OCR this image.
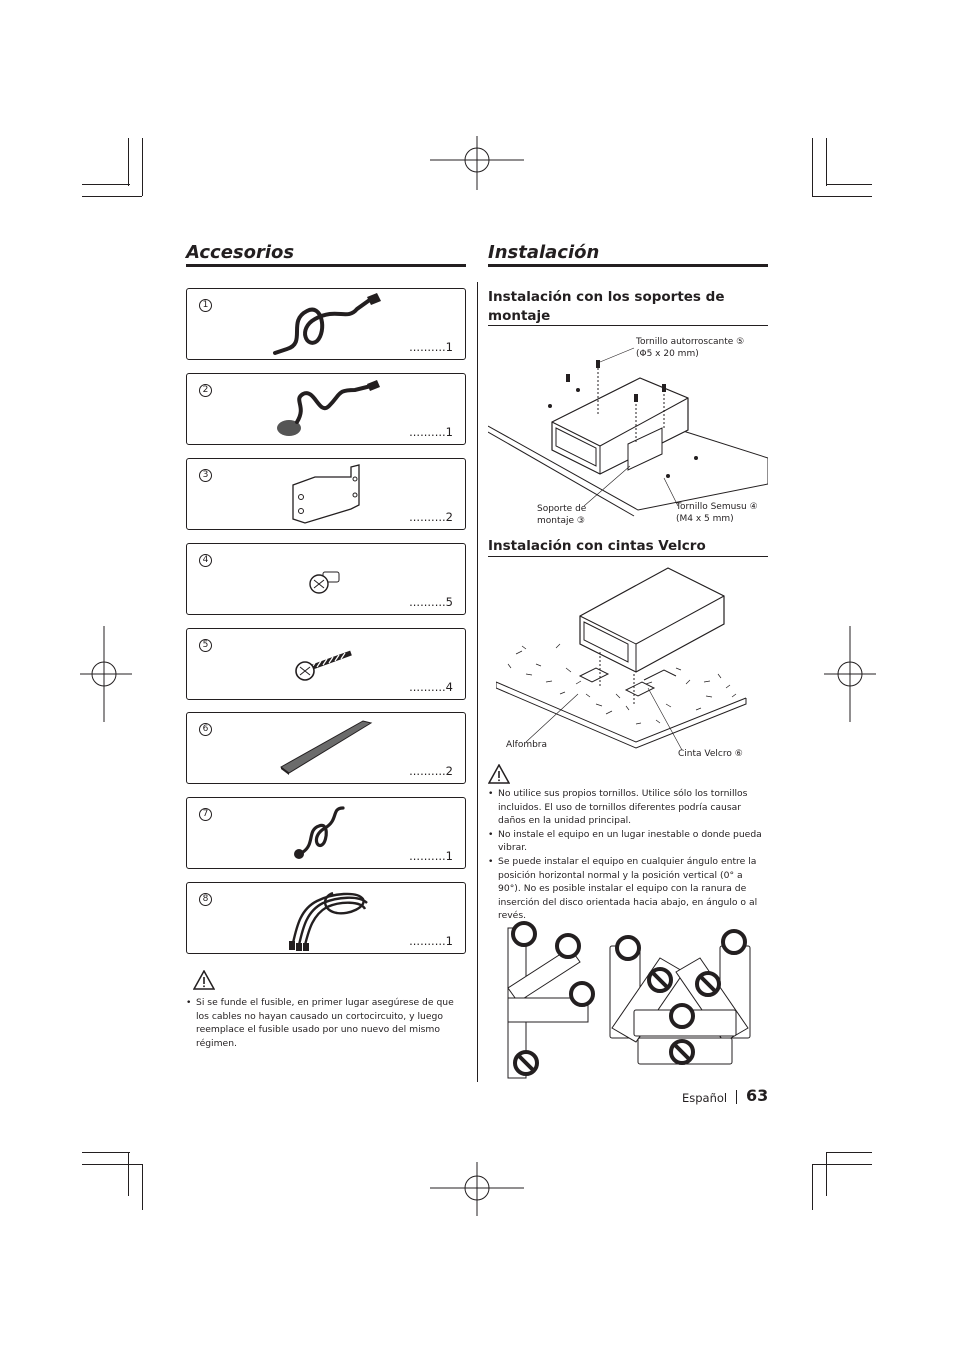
Accesorios
1
..........1
2
..........1
3
..........2
4
..........5
5
..........4
6
..........2
7
..........1
8
..........1
• Si se funde el fusible, en primer lugar asegúrese de que los cables no hayan causado un cortocircuito, y luego reemplace el fusible usado por uno nuevo del mismo régimen.
Instalación
Instalación con los soportes de montaje
Tornillo autorroscante ⑤
(Φ5 x 20 mm)
Soporte de
montaje ③
Tornillo Semusu ④
(M4 x 5 mm)
Instalación con cintas Velcro
Alfombra
Cinta Velcro ⑥
• No utilice sus propios tornillos. Utilice sólo los tornillos incluidos. El uso de tornillos diferentes podría causar daños en la unidad principal.
• No instale el equipo en un lugar inestable o donde pueda vibrar.
• Se puede instalar el equipo en cualquier ángulo entre la posición horizontal normal y la posición vertical (0° a 90°). No es posible instalar el equipo con la ranura de inserción del disco orientada hacia abajo, en ángulo o al revés.
Español 63
